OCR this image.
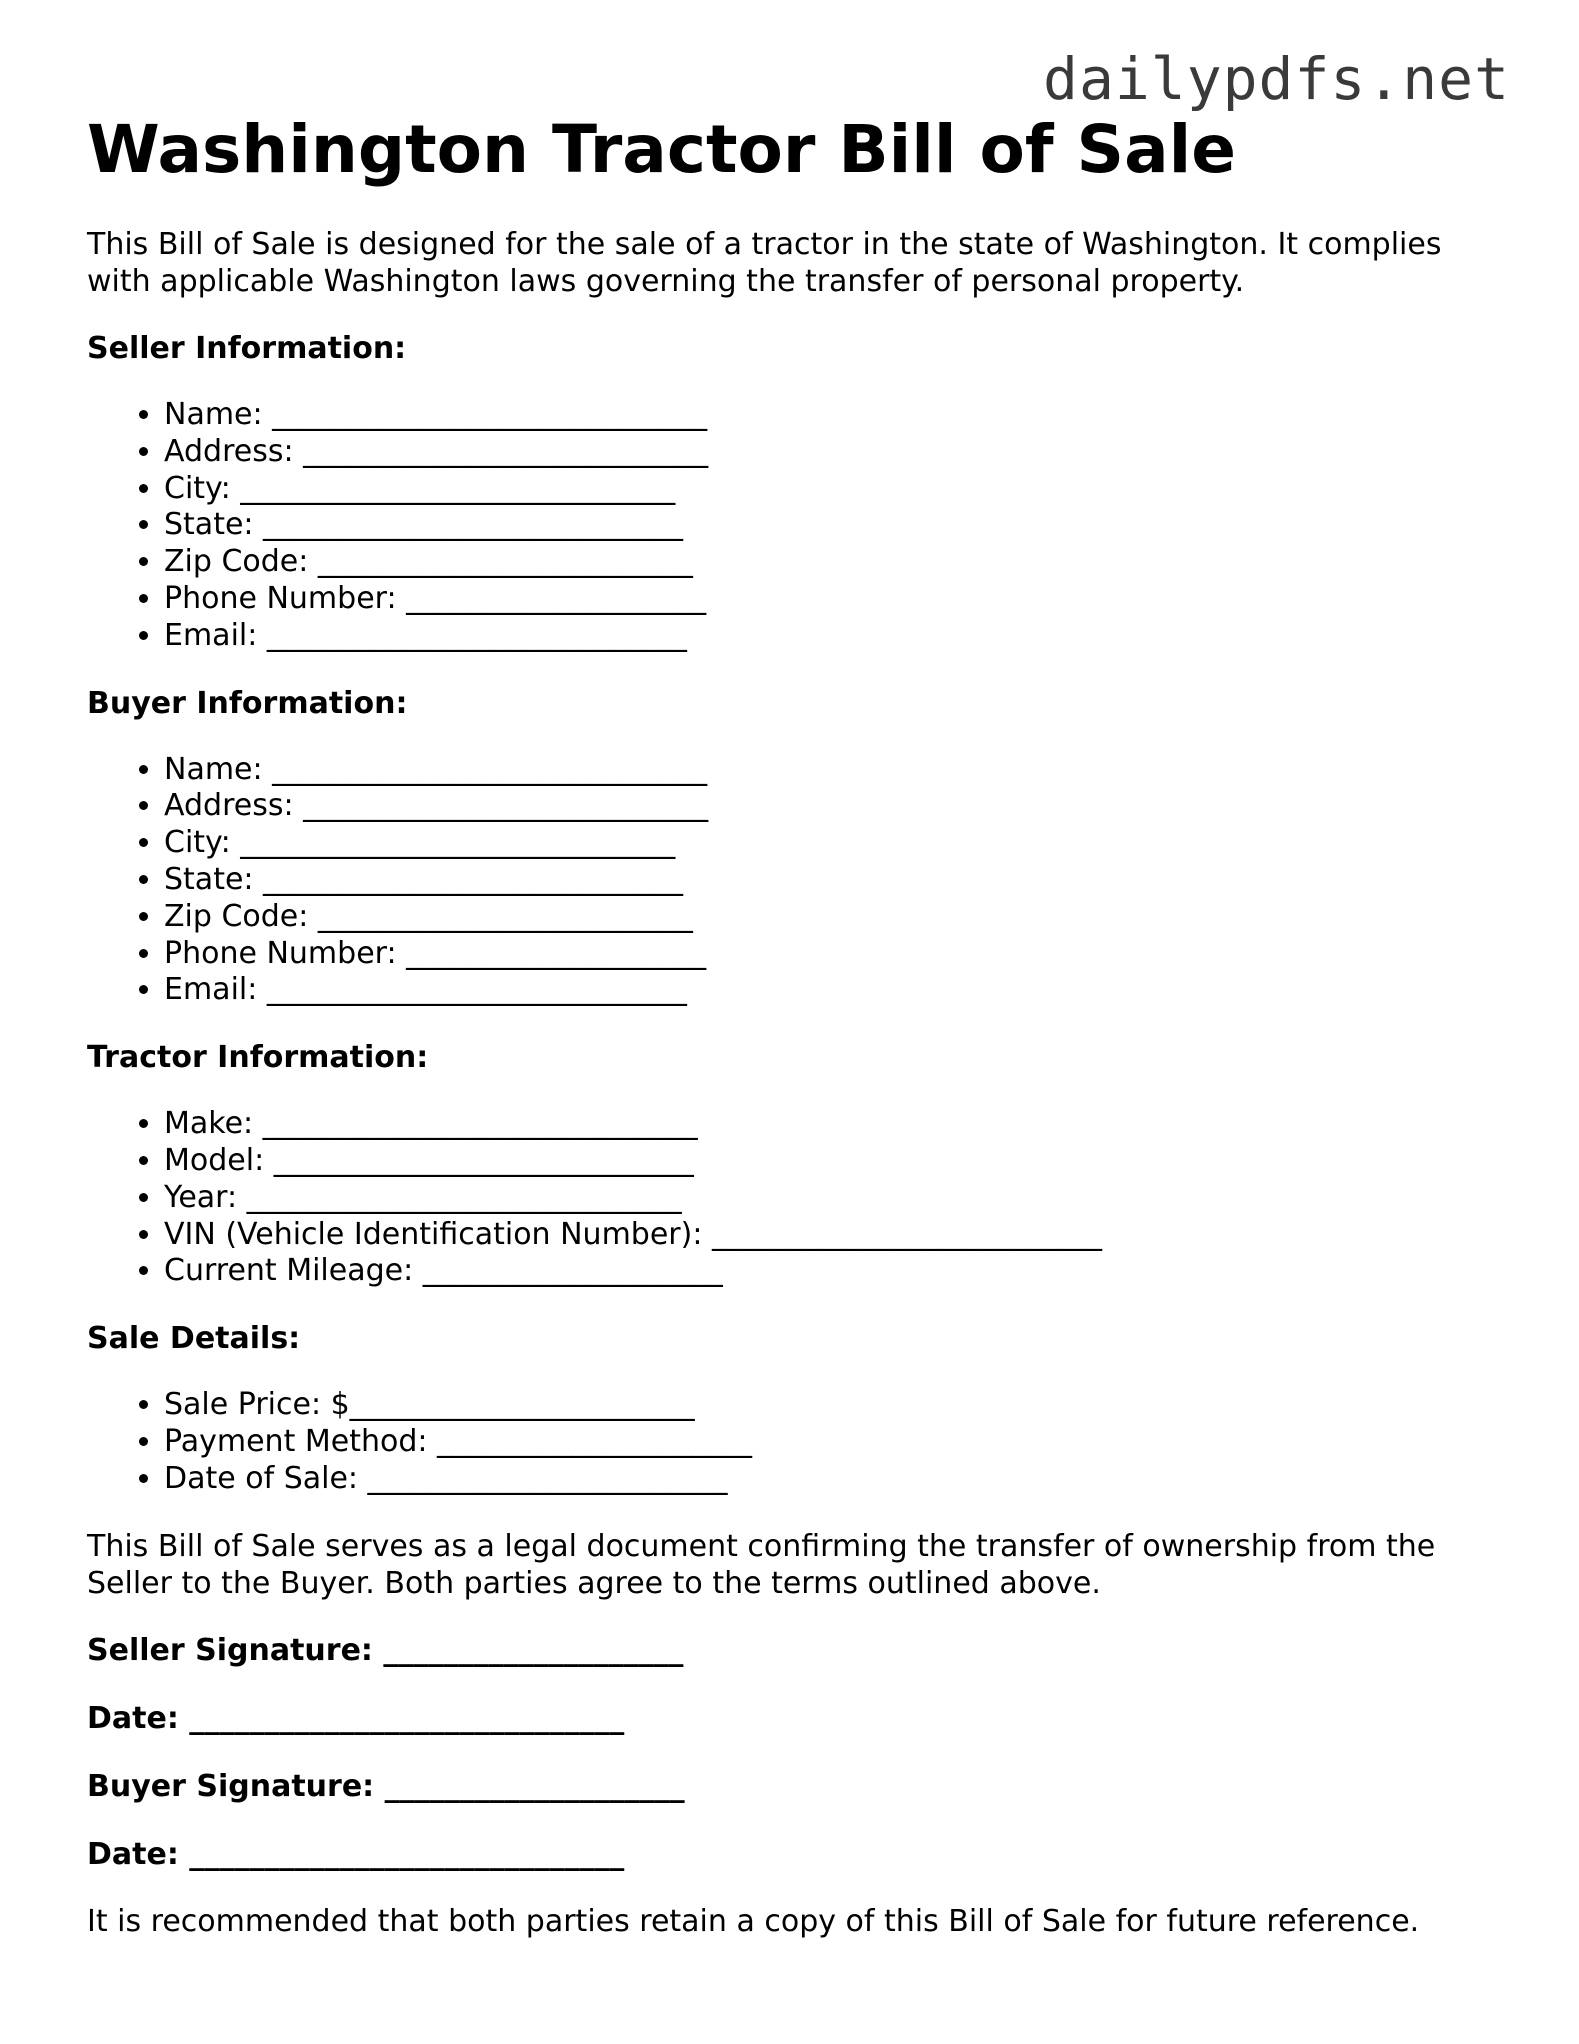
dailypdfs.net
Washington Tractor Bill of Sale

This Bill of Sale is designed for the sale of a tractor in the state of Washington. It complies with applicable Washington laws governing the transfer of personal property.

Seller Information:
• Name: _____________________________
• Address: ___________________________
• City: _____________________________
• State: ____________________________
• Zip Code: _________________________
• Phone Number: ____________________
• Email: ____________________________
Buyer Information:
• Name: _____________________________
• Address: ___________________________
• City: _____________________________
• State: ____________________________
• Zip Code: _________________________
• Phone Number: ____________________
• Email: ____________________________
Tractor Information:
• Make: _____________________________
• Model: ____________________________
• Year: _____________________________
• VIN (Vehicle Identification Number): __________________________
• Current Mileage: ____________________
Sale Details:
• Sale Price: $_______________________
• Payment Method: _____________________
• Date of Sale: ________________________

This Bill of Sale serves as a legal document confirming the transfer of ownership from the Seller to the Buyer. Both parties agree to the terms outlined above.

Seller Signature: ____________________
Date: _____________________________
Buyer Signature: ____________________
Date: _____________________________

It is recommended that both parties retain a copy of this Bill of Sale for future reference.
